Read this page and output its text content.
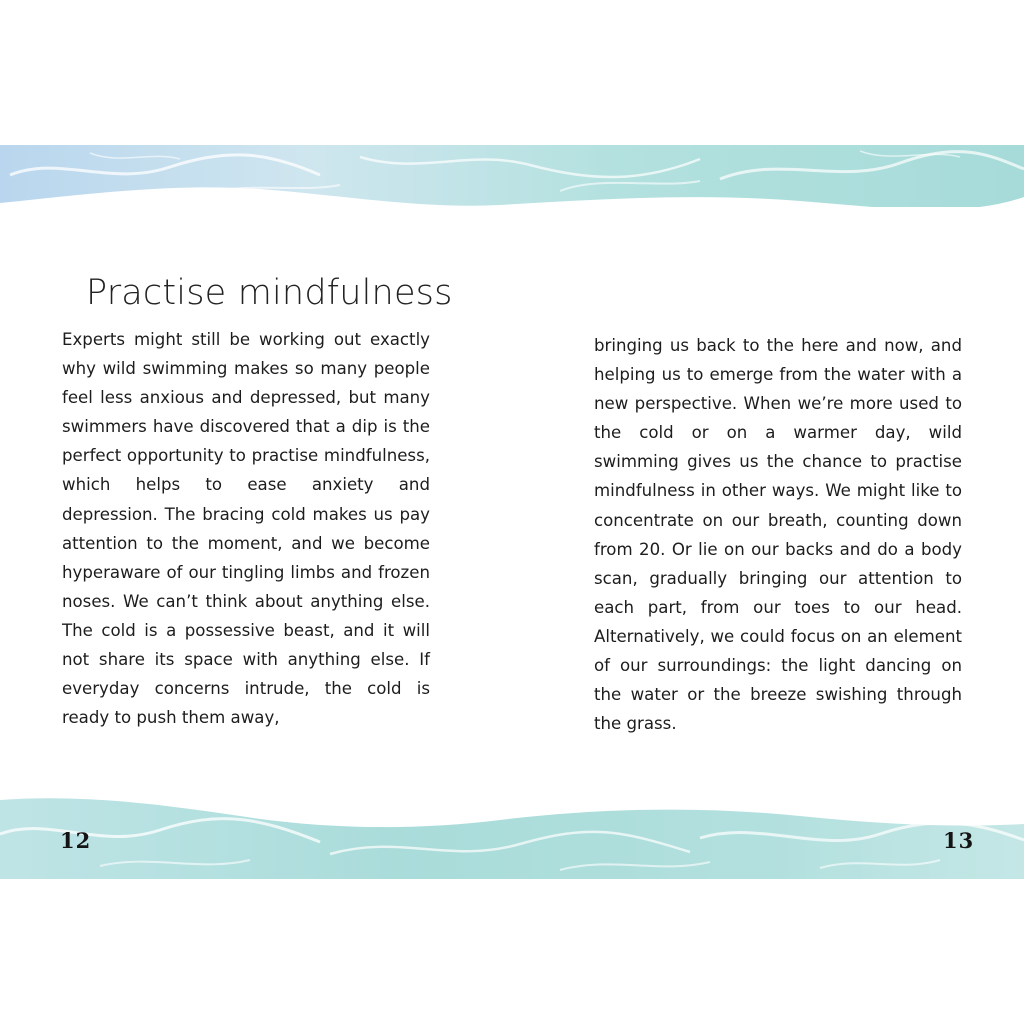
Practise mindfulness

Experts might still be working out exactly why wild swimming makes so many people feel less anxious and depressed, but many swimmers have discovered that a dip is the perfect opportunity to practise mindfulness, which helps to ease anxiety and depression. The bracing cold makes us pay attention to the moment, and we become hyperaware of our tingling limbs and frozen noses. We can’t think about anything else. The cold is a possessive beast, and it will not share its space with anything else. If everyday concerns intrude, the cold is ready to push them away,

bringing us back to the here and now, and helping us to emerge from the water with a new perspective. When we’re more used to the cold or on a warmer day, wild swimming gives us the chance to practise mindfulness in other ways. We might like to concentrate on our breath, counting down from 20. Or lie on our backs and do a body scan, gradually bringing our attention to each part, from our toes to our head. Alternatively, we could focus on an element of our surroundings: the light dancing on the water or the breeze swishing through the grass.

12	13
